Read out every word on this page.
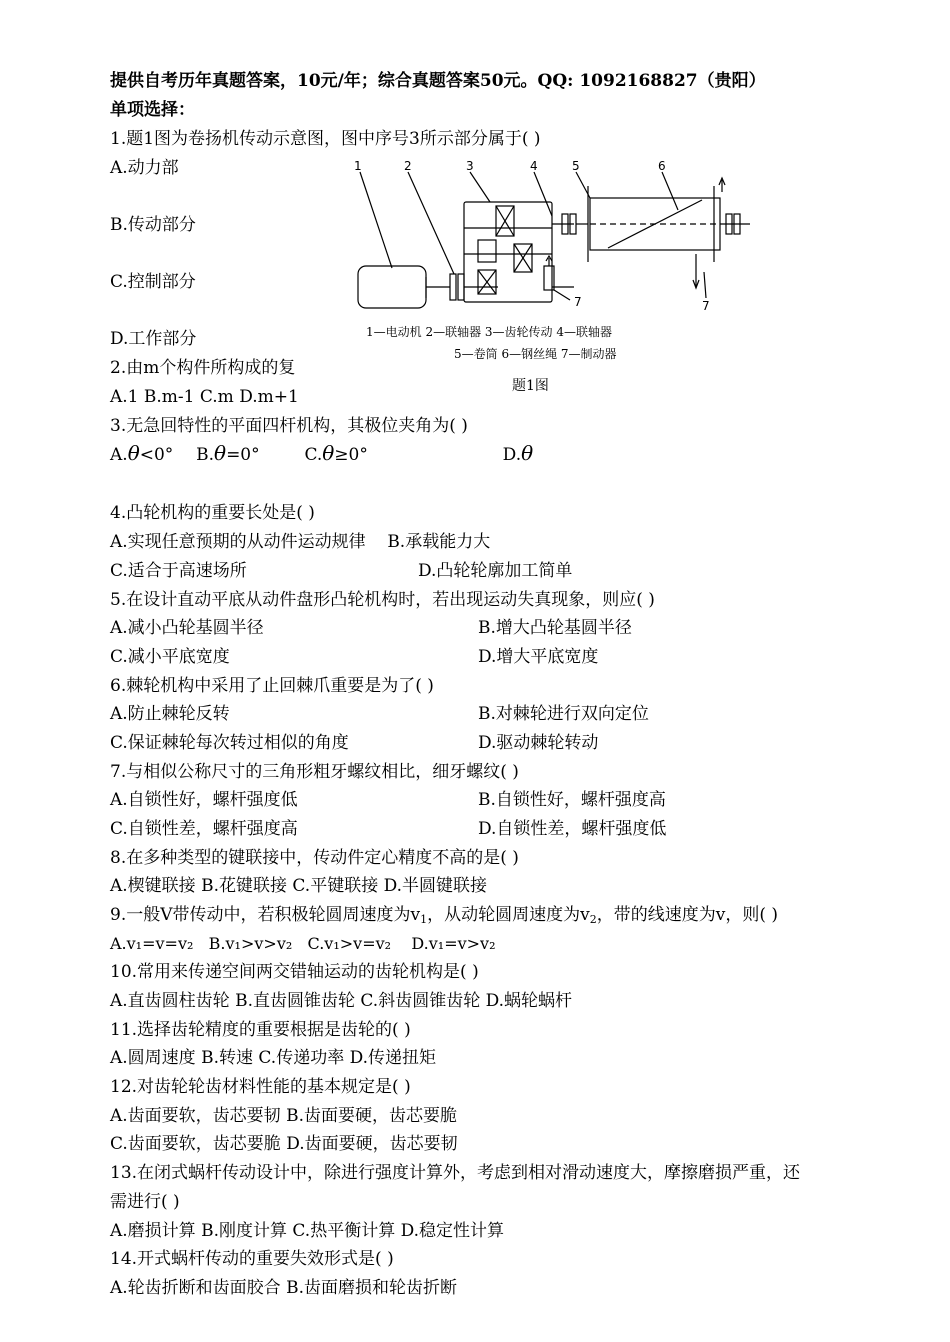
提供自考历年真题答案，10元/年；综合真题答案50元。QQ: 1092168827（贵阳）
单项选择：
1.题1图为卷扬机传动示意图，图中序号3所示部分属于( )
A.动力部
B.传动部分
C.控制部分
D.工作部分
1	2	3	4	5	6
7	7
1—电动机 2—联轴器 3—齿轮传动 4—联轴器
5—卷筒 6—钢丝绳 7—制动器
题1图
2.由m个构件所构成的复
A.1 B.m-1 C.m D.m+1
3.无急回特性的平面四杆机构，其极位夹角为( )
A.θ<0° B.θ=0°	C.θ≥0°	D.θ
4.凸轮机构的重要长处是( )
A.实现任意预期的从动件运动规律 B.承载能力大
C.适合于高速场所	D.凸轮轮廓加工简单
5.在设计直动平底从动件盘形凸轮机构时，若出现运动失真现象，则应( )
A.减小凸轮基圆半径	B.增大凸轮基圆半径
C.减小平底宽度	D.增大平底宽度
6.棘轮机构中采用了止回棘爪重要是为了( )
A.防止棘轮反转	B.对棘轮进行双向定位
C.保证棘轮每次转过相似的角度	D.驱动棘轮转动
7.与相似公称尺寸的三角形粗牙螺纹相比，细牙螺纹( )
A.自锁性好，螺杆强度低	B.自锁性好，螺杆强度高
C.自锁性差，螺杆强度高	D.自锁性差，螺杆强度低
8.在多种类型的键联接中，传动件定心精度不高的是( )
A.楔键联接 B.花键联接 C.平键联接 D.半圆键联接
9.一般V带传动中，若积极轮圆周速度为$v_1$，从动轮圆周速度为$v_2$，带的线速度为v，则( )
A.v₁=v=v₂ B.v₁>v>v₂ C.v₁>v=v₂ D.v₁=v>v₂
10.常用来传递空间两交错轴运动的齿轮机构是( )
A.直齿圆柱齿轮 B.直齿圆锥齿轮 C.斜齿圆锥齿轮 D.蜗轮蜗杆
11.选择齿轮精度的重要根据是齿轮的( )
A.圆周速度 B.转速 C.传递功率 D.传递扭矩
12.对齿轮轮齿材料性能的基本规定是( )
A.齿面要软，齿芯要韧 B.齿面要硬，齿芯要脆
C.齿面要软，齿芯要脆 D.齿面要硬，齿芯要韧
13.在闭式蜗杆传动设计中，除进行强度计算外，考虑到相对滑动速度大，摩擦磨损严重，还
需进行( )
A.磨损计算 B.刚度计算 C.热平衡计算 D.稳定性计算
14.开式蜗杆传动的重要失效形式是( )
A.轮齿折断和齿面胶合 B.齿面磨损和轮齿折断
